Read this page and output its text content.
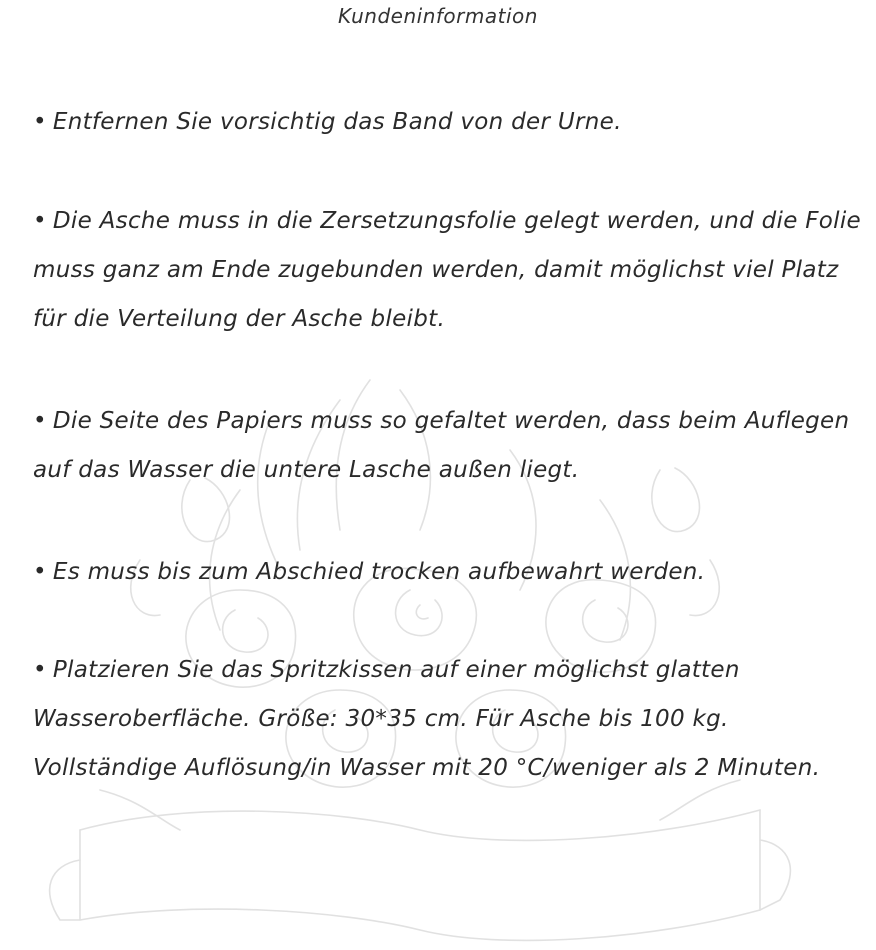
Kundeninformation
• Entfernen Sie vorsichtig das Band von der Urne.
• Die Asche muss in die Zersetzungsfolie gelegt werden, und die Folie muss ganz am Ende zugebunden werden, damit möglichst viel Platz für die Verteilung der Asche bleibt.
• Die Seite des Papiers muss so gefaltet werden, dass beim Auflegen auf das Wasser die untere Lasche außen liegt.
• Es muss bis zum Abschied trocken aufbewahrt werden.
• Platzieren Sie das Spritzkissen auf einer möglichst glatten Wasseroberfläche. Größe: 30*35 cm. Für Asche bis 100 kg. Vollständige Auflösung/in Wasser mit 20 °C/weniger als 2 Minuten.
